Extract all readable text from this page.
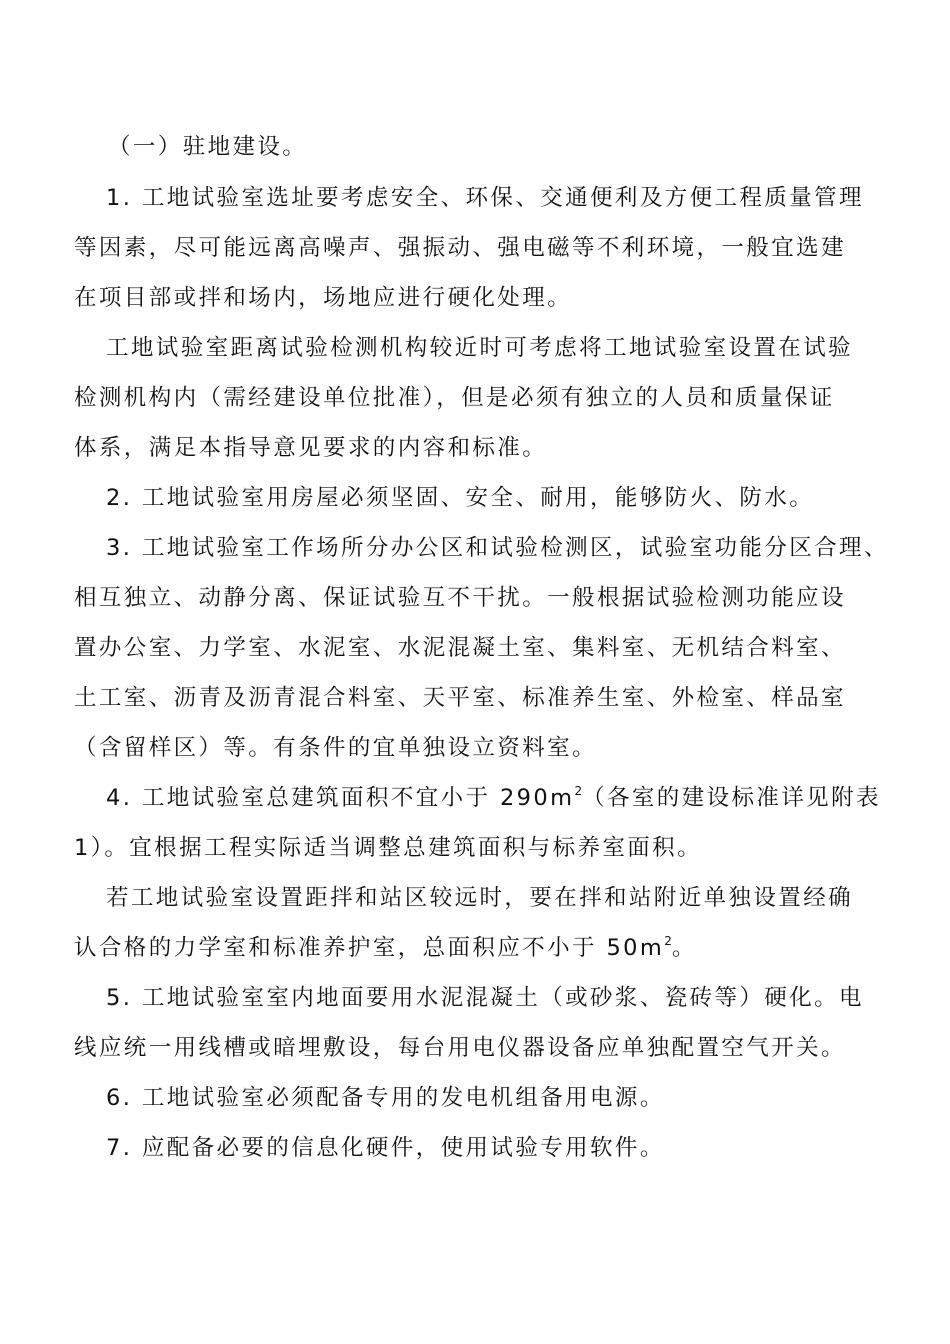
（一）驻地建设。
1. 工地试验室选址要考虑安全、环保、交通便利及方便工程质量管理
等因素，尽可能远离高噪声、强振动、强电磁等不利环境，一般宜选建
在项目部或拌和场内，场地应进行硬化处理。
工地试验室距离试验检测机构较近时可考虑将工地试验室设置在试验
检测机构内（需经建设单位批准），但是必须有独立的人员和质量保证
体系，满足本指导意见要求的内容和标准。
2. 工地试验室用房屋必须坚固、安全、耐用，能够防火、防水。
3. 工地试验室工作场所分办公区和试验检测区，试验室功能分区合理、
相互独立、动静分离、保证试验互不干扰。一般根据试验检测功能应设
置办公室、力学室、水泥室、水泥混凝土室、集料室、无机结合料室、
土工室、沥青及沥青混合料室、天平室、标准养生室、外检室、样品室
（含留样区）等。有条件的宜单独设立资料室。
4. 工地试验室总建筑面积不宜小于 $290m^2$（各室的建设标准详见附表
1）。宜根据工程实际适当调整总建筑面积与标养室面积。
若工地试验室设置距拌和站区较远时，要在拌和站附近单独设置经确
认合格的力学室和标准养护室，总面积应不小于 $50m^2$。
5. 工地试验室室内地面要用水泥混凝土（或砂浆、瓷砖等）硬化。电
线应统一用线槽或暗埋敷设，每台用电仪器设备应单独配置空气开关。
6. 工地试验室必须配备专用的发电机组备用电源。
7. 应配备必要的信息化硬件，使用试验专用软件。
